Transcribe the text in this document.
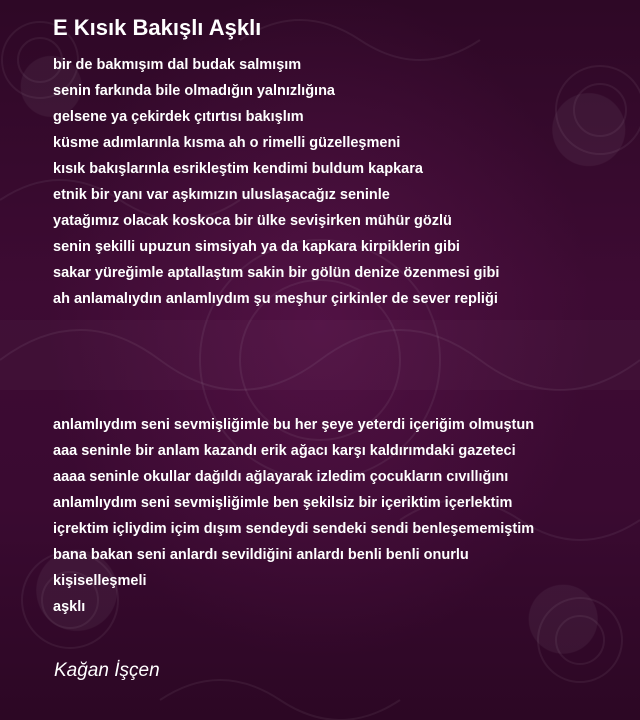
E Kısık Bakışlı Aşklı
bir de bakmışım dal budak salmışım
senin farkında bile olmadığın yalnızlığına
gelsene ya çekirdek çıtırtısı bakışlım
küsme adımlarınla kısma ah o rimelli güzelleşmeni
kısık bakışlarınla esrikleştim kendimi buldum kapkara
etnik bir yanı var aşkımızın uluslaşacağız seninle
yatağımız olacak koskoca bir ülke sevişirken mühür gözlü
senin şekilli upuzun simsiyah ya da kapkara kirpiklerin gibi
sakar yüreğimle aptallaştım sakin bir gölün denize özenmesi gibi
ah anlamalıydın anlamlıydım şu meşhur çirkinler de sever repliği
anlamlıydım seni sevmişliğimle bu her şeye yeterdi içeriğim olmuştun
aaa seninle bir anlam kazandı erik ağacı karşı kaldırımdaki gazeteci
aaaa seninle okullar dağıldı ağlayarak izledim çocukların cıvıllığını
anlamlıydım seni sevmişliğimle ben şekilsiz bir içeriktim içerlektim
içrektim içliydim içim dışım sendeydi sendeki sendi benleşememiştim
bana bakan seni anlardı sevildiğini anlardı benli benli onurlu
kişiselleşmeli
aşklı

Kağan İşçen
